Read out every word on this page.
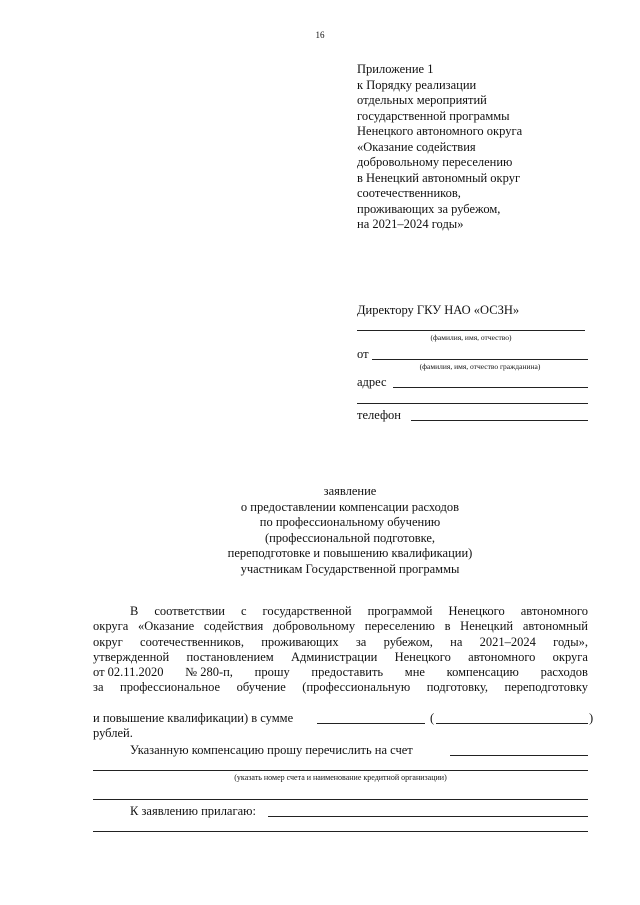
16
Приложение 1
к Порядку реализации
отдельных мероприятий
государственной программы
Ненецкого автономного округа
«Оказание содействия
добровольному переселению
в Ненецкий автономный округ
соотечественников,
проживающих за рубежом,
на 2021–2024 годы»
Директору ГКУ НАО «ОСЗН»
(фамилия, имя, отчество)
от
(фамилия, имя, отчество гражданина)
адрес
телефон
заявление
о предоставлении компенсации расходов
по профессиональному обучению
(профессиональной подготовке,
переподготовке и повышению квалификации)
участникам Государственной программы
В соответствии с государственной программой Ненецкого автономного
округа «Оказание содействия добровольному переселению в Ненецкий автономный
округ соотечественников, проживающих за рубежом, на 2021–2024 годы»,
утвержденной постановлением Администрации Ненецкого автономного округа
от 02.11.2020 № 280-п, прошу предоставить мне компенсацию расходов
за профессиональное обучение (профессиональную подготовку, переподготовку
и повышение квалификации) в сумме	(	)
рублей.
Указанную компенсацию прошу перечислить на счет
(указать номер счета и наименование кредитной организации)
К заявлению прилагаю:
